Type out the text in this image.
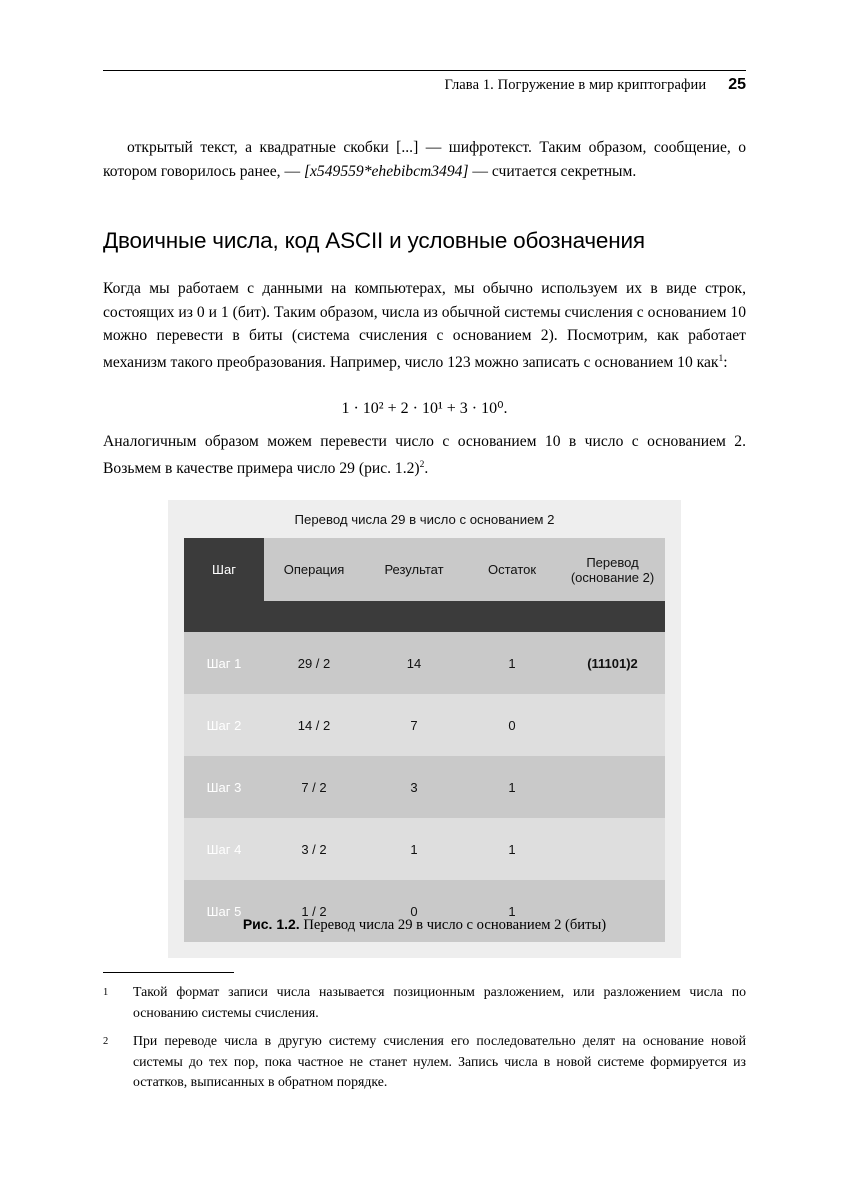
Глава 1. Погружение в мир криптографии 25

открытый текст, а квадратные скобки [...] — шифротекст. Таким образом, сообщение, о котором говорилось ранее, — [x549559*ehebibcm3494] — считается секретным.

Двоичные числа, код ASCII и условные обозначения

Когда мы работаем с данными на компьютерах, мы обычно используем их в виде строк, состоящих из 0 и 1 (бит). Таким образом, числа из обычной системы счисления с основанием 10 можно перевести в биты (система счисления с основанием 2). Посмотрим, как работает механизм такого преобразования. Например, число 123 можно записать с основанием 10 как$^1$:

1 · 10² + 2 · 10¹ + 3 · 10⁰.

Аналогичным образом можем перевести число с основанием 10 в число с основанием 2. Возьмем в качестве примера число 29 (рис. 1.2)$^2$.

Перевод числа 29 в число с основанием 2

Шаг	Операция	Результат	Остаток	Перевод
(основание 2)
Шаг 1	29 / 2	14	1	(11101)2
Шаг 2	14 / 2	7	0	
Шаг 3	7 / 2	3	1	
Шаг 4	3 / 2	1	1	
Шаг 5	1 / 2	0	1	
Рис. 1.2. Перевод числа 29 в число с основанием 2 (биты)
1 Такой формат записи числа называется позиционным разложением, или разложением числа по основанию системы счисления.
2 При переводе числа в другую систему счисления его последовательно делят на основание новой системы до тех пор, пока частное не станет нулем. Запись числа в новой системе формируется из остатков, выписанных в обратном порядке.
